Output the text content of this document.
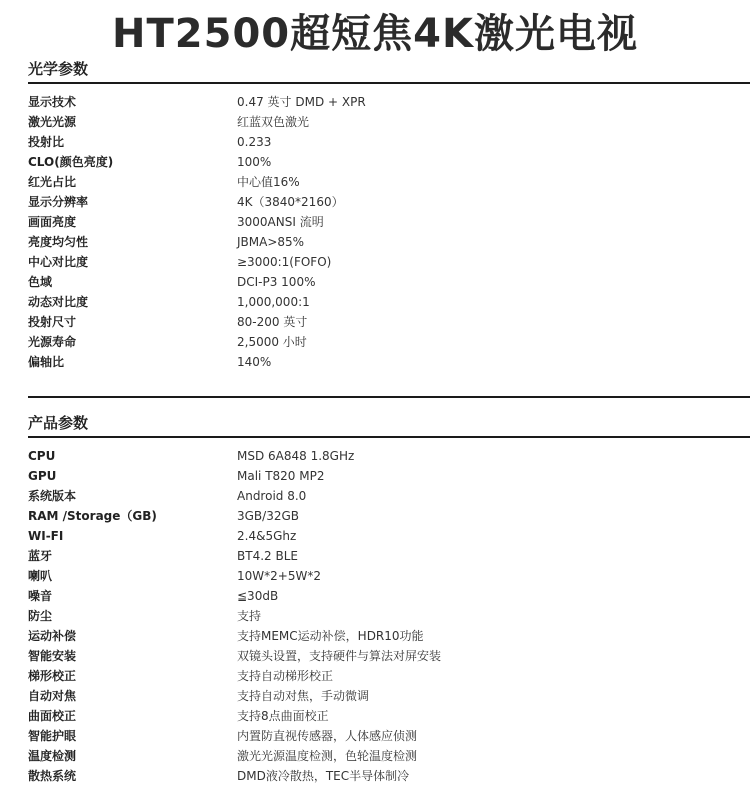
HT2500超短焦4K激光电视
光学参数
显示技术	0.47 英寸 DMD + XPR
激光光源	红蓝双色激光
投射比	0.233
CLO(颜色亮度)	100%
红光占比	中心值16%
显示分辨率	4K（3840*2160）
画面亮度	3000ANSI 流明
亮度均匀性	JBMA>85%
中心对比度	≥3000:1(FOFO)
色域	DCI-P3 100%
动态对比度	1,000,000:1
投射尺寸	80-200 英寸
光源寿命	2,5000 小时
偏轴比	140%
产品参数
CPU	MSD 6A848 1.8GHz
GPU	Mali T820 MP2
系统版本	Android 8.0
RAM /Storage（GB)	3GB/32GB
WI-FI	2.4&5Ghz
蓝牙	BT4.2 BLE
喇叭	10W*2+5W*2
噪音	≦30dB
防尘	支持
运动补偿	支持MEMC运动补偿，HDR10功能
智能安装	双镜头设置，支持硬件与算法对屏安装
梯形校正	支持自动梯形校正
自动对焦	支持自动对焦，手动微调
曲面校正	支持8点曲面校正
智能护眼	内置防直视传感器，人体感应侦测
温度检测	激光光源温度检测，色轮温度检测
散热系统	DMD液冷散热，TEC半导体制冷
